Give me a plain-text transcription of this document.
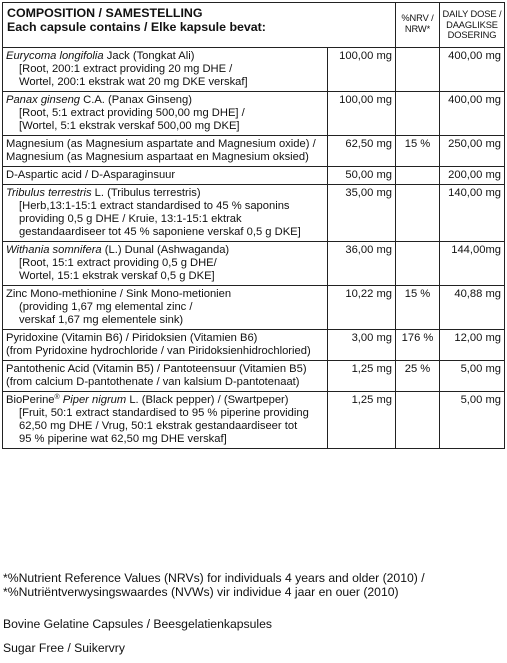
COMPOSITION / SAMESTELLING
Each capsule contains / Elke kapsule bevat:		%NRV / NRW*	DAILY DOSE / DAAGLIKSE DOSERING

Eurycoma longifolia Jack (Tongkat Ali)
[Root, 200:1 extract providing 20 mg DHE /
Wortel, 200:1 ekstrak wat 20 mg DKE verskaf]	100,00 mg		400,00 mg

Panax ginseng C.A. (Panax Ginseng)
[Root, 5:1 extract providing 500,00 mg DHE] /
[Wortel, 5:1 ekstrak verskaf 500,00 mg DKE]	100,00 mg		400,00 mg

Magnesium (as Magnesium aspartate and Magnesium oxide) /
Magnesium (as Magnesium aspartaat en Magnesium oksied)	62,50 mg	15 %	250,00 mg

D-Aspartic acid / D-Asparaginsuur	50,00 mg		200,00 mg

Tribulus terrestris L. (Tribulus terrestris)
[Herb,13:1-15:1 extract standardised to 45 % saponins
providing 0,5 g DHE / Kruie, 13:1-15:1 ektrak
gestandaardiseer tot 45 % saponiene verskaf 0,5 g DKE]	35,00 mg		140,00 mg

Withania somnifera (L.) Dunal (Ashwaganda)
[Root, 15:1 extract providing 0,5 g DHE/
Wortel, 15:1 ekstrak verskaf 0,5 g DKE]	36,00 mg		144,00mg

Zinc Mono-methionine / Sink Mono-metionien
(providing 1,67 mg elemental zinc /
verskaf 1,67 mg elementele sink)	10,22 mg	15 %	40,88 mg

Pyridoxine (Vitamin B6) / Piridoksien (Vitamien B6)
(from Pyridoxine hydrochloride / van Piridoksienhidrochloried)	3,00 mg	176 %	12,00 mg

Pantothenic Acid (Vitamin B5) / Pantoteensuur (Vitamien B5)
(from calcium D-pantothenate / van kalsium D-pantotenaat)	1,25 mg	25 %	5,00 mg

BioPerine® Piper nigrum L. (Black pepper) / (Swartpeper)
[Fruit, 50:1 extract standardised to 95 % piperine providing
62,50 mg DHE / Vrug, 50:1 ekstrak gestandaardiseer tot
95 % piperine wat 62,50 mg DHE verskaf]	1,25 mg		5,00 mg
*%Nutrient Reference Values (NRVs) for individuals 4 years and older (2010) /
*%Nutriëntverwysingswaardes (NVWs) vir individue 4 jaar en ouer (2010)
Bovine Gelatine Capsules / Beesgelatienkapsules
Sugar Free / Suikervry
